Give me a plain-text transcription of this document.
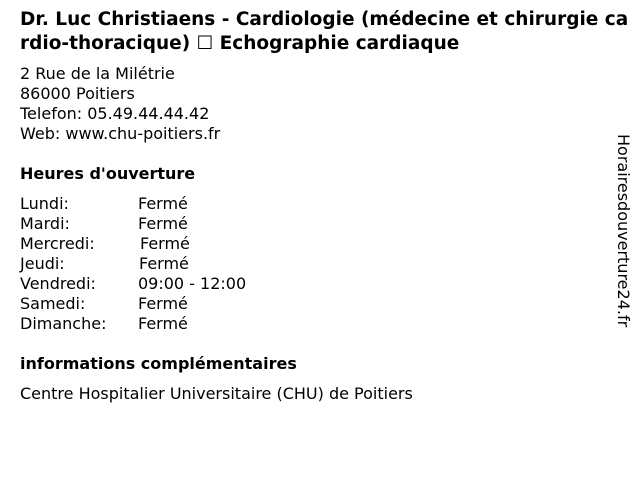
Dr. Luc Christiaens - Cardiologie (médecine et chirurgie cardio-thoracique) ☐ Echographie cardiaque
2 Rue de la Milétrie
86000 Poitiers
Telefon: 05.49.44.44.42
Web: www.chu-poitiers.fr
Heures d'ouverture
Lundi:	Fermé
Mardi:	Fermé
Mercredi:	Fermé
Jeudi:	Fermé
Vendredi:	09:00 - 12:00
Samedi:	Fermé
Dimanche:	Fermé
informations complémentaires
Centre Hospitalier Universitaire (CHU) de Poitiers
Horairesdouverture24.fr
